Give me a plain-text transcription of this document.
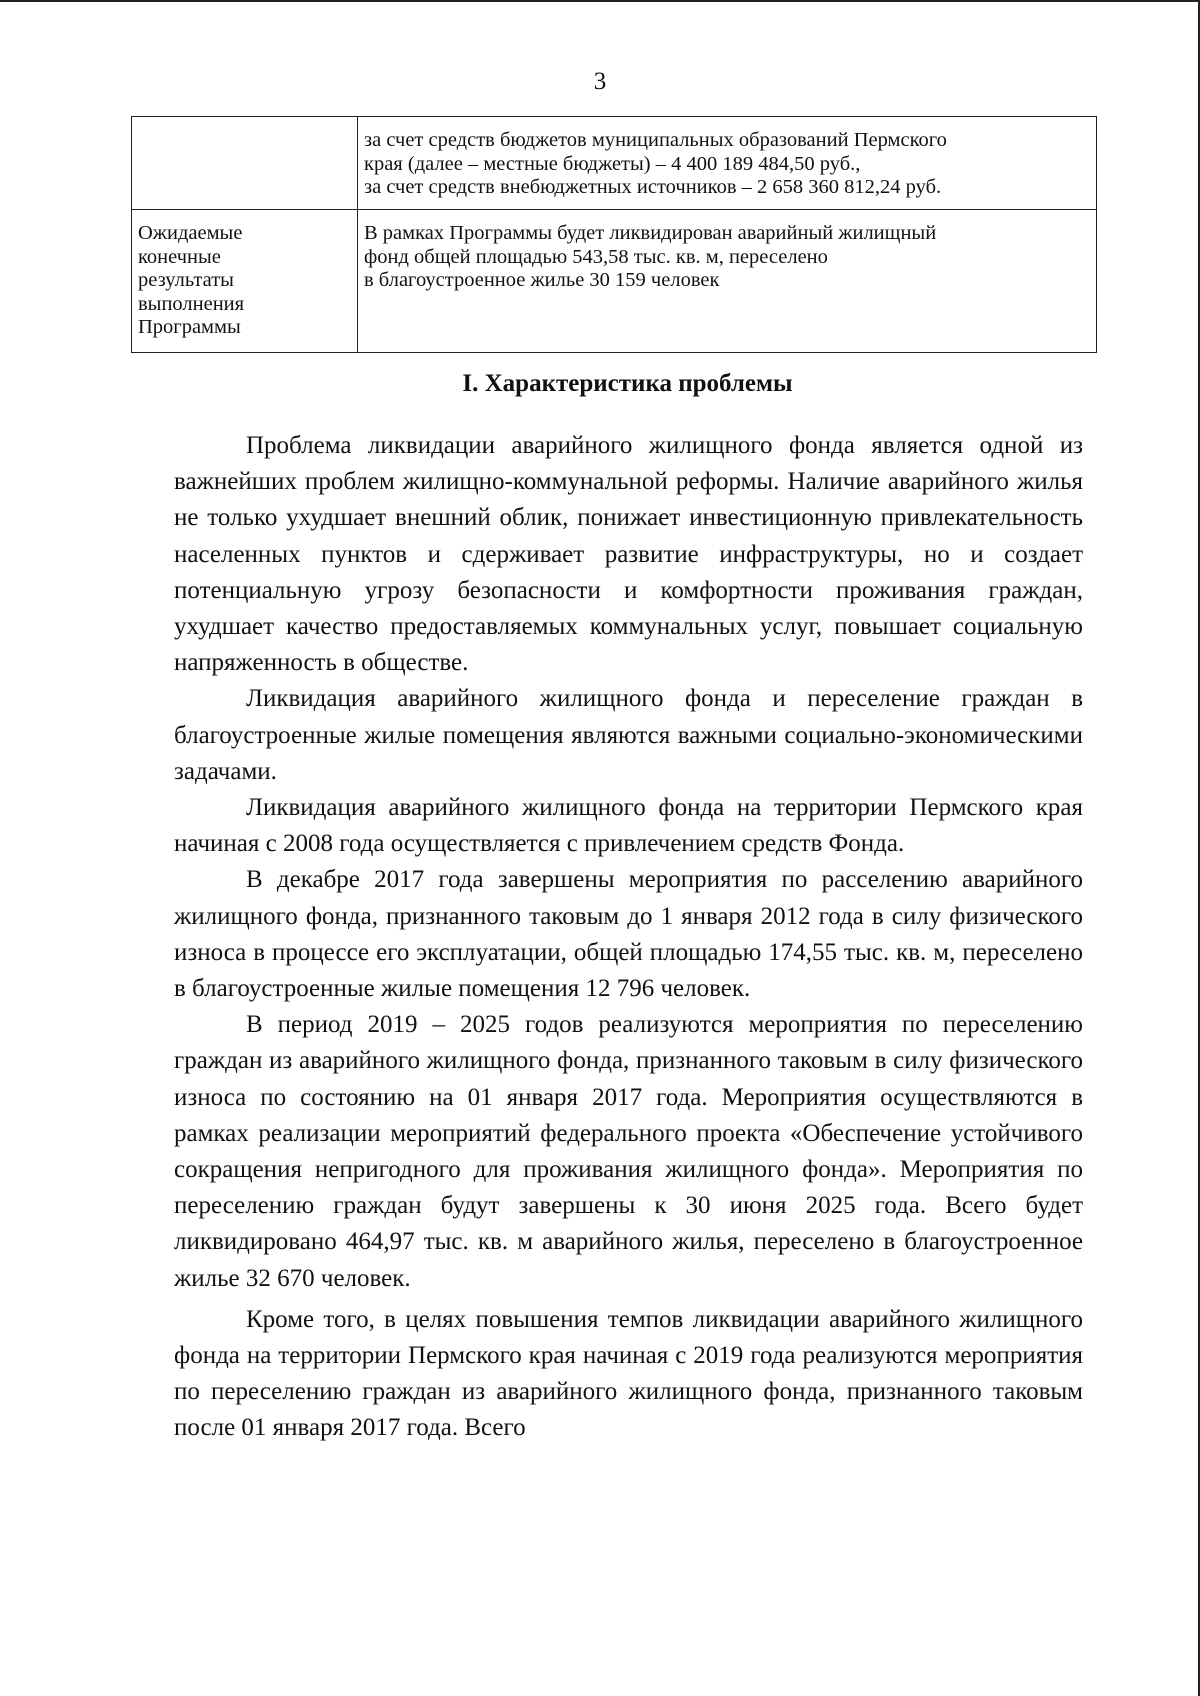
3

	за счет средств бюджетов муниципальных образований Пермского
края (далее – местные бюджеты) – 4 400 189 484,50 руб.,
за счет средств внебюджетных источников – 2 658 360 812,24 руб.

Ожидаемые
конечные
результаты
выполнения
Программы	В рамках Программы будет ликвидирован аварийный жилищный
фонд общей площадью 543,58 тыс. кв. м, переселено
в благоустроенное жилье 30 159 человек
I. Характеристика проблемы

Проблема ликвидации аварийного жилищного фонда является одной из важнейших проблем жилищно-коммунальной реформы. Наличие аварийного жилья не только ухудшает внешний облик, понижает инвестиционную привлекательность населенных пунктов и сдерживает развитие инфраструктуры, но и создает потенциальную угрозу безопасности и комфортности проживания граждан, ухудшает качество предоставляемых коммунальных услуг, повышает социальную напряженность в обществе.

Ликвидация аварийного жилищного фонда и переселение граждан в благоустроенные жилые помещения являются важными социально-экономическими задачами.

Ликвидация аварийного жилищного фонда на территории Пермского края начиная с 2008 года осуществляется с привлечением средств Фонда.

В декабре 2017 года завершены мероприятия по расселению аварийного жилищного фонда, признанного таковым до 1 января 2012 года в силу физического износа в процессе его эксплуатации, общей площадью 174,55 тыс. кв. м, переселено в благоустроенные жилые помещения 12 796 человек.

В период 2019 – 2025 годов реализуются мероприятия по переселению граждан из аварийного жилищного фонда, признанного таковым в силу физического износа по состоянию на 01 января 2017 года. Мероприятия осуществляются в рамках реализации мероприятий федерального проекта «Обеспечение устойчивого сокращения непригодного для проживания жилищного фонда». Мероприятия по переселению граждан будут завершены к 30 июня 2025 года. Всего будет ликвидировано 464,97 тыс. кв. м аварийного жилья, переселено в благоустроенное жилье 32 670 человек.

Кроме того, в целях повышения темпов ликвидации аварийного жилищного фонда на территории Пермского края начиная с 2019 года реализуются мероприятия по переселению граждан из аварийного жилищного фонда, признанного таковым после 01 января 2017 года. Всего
